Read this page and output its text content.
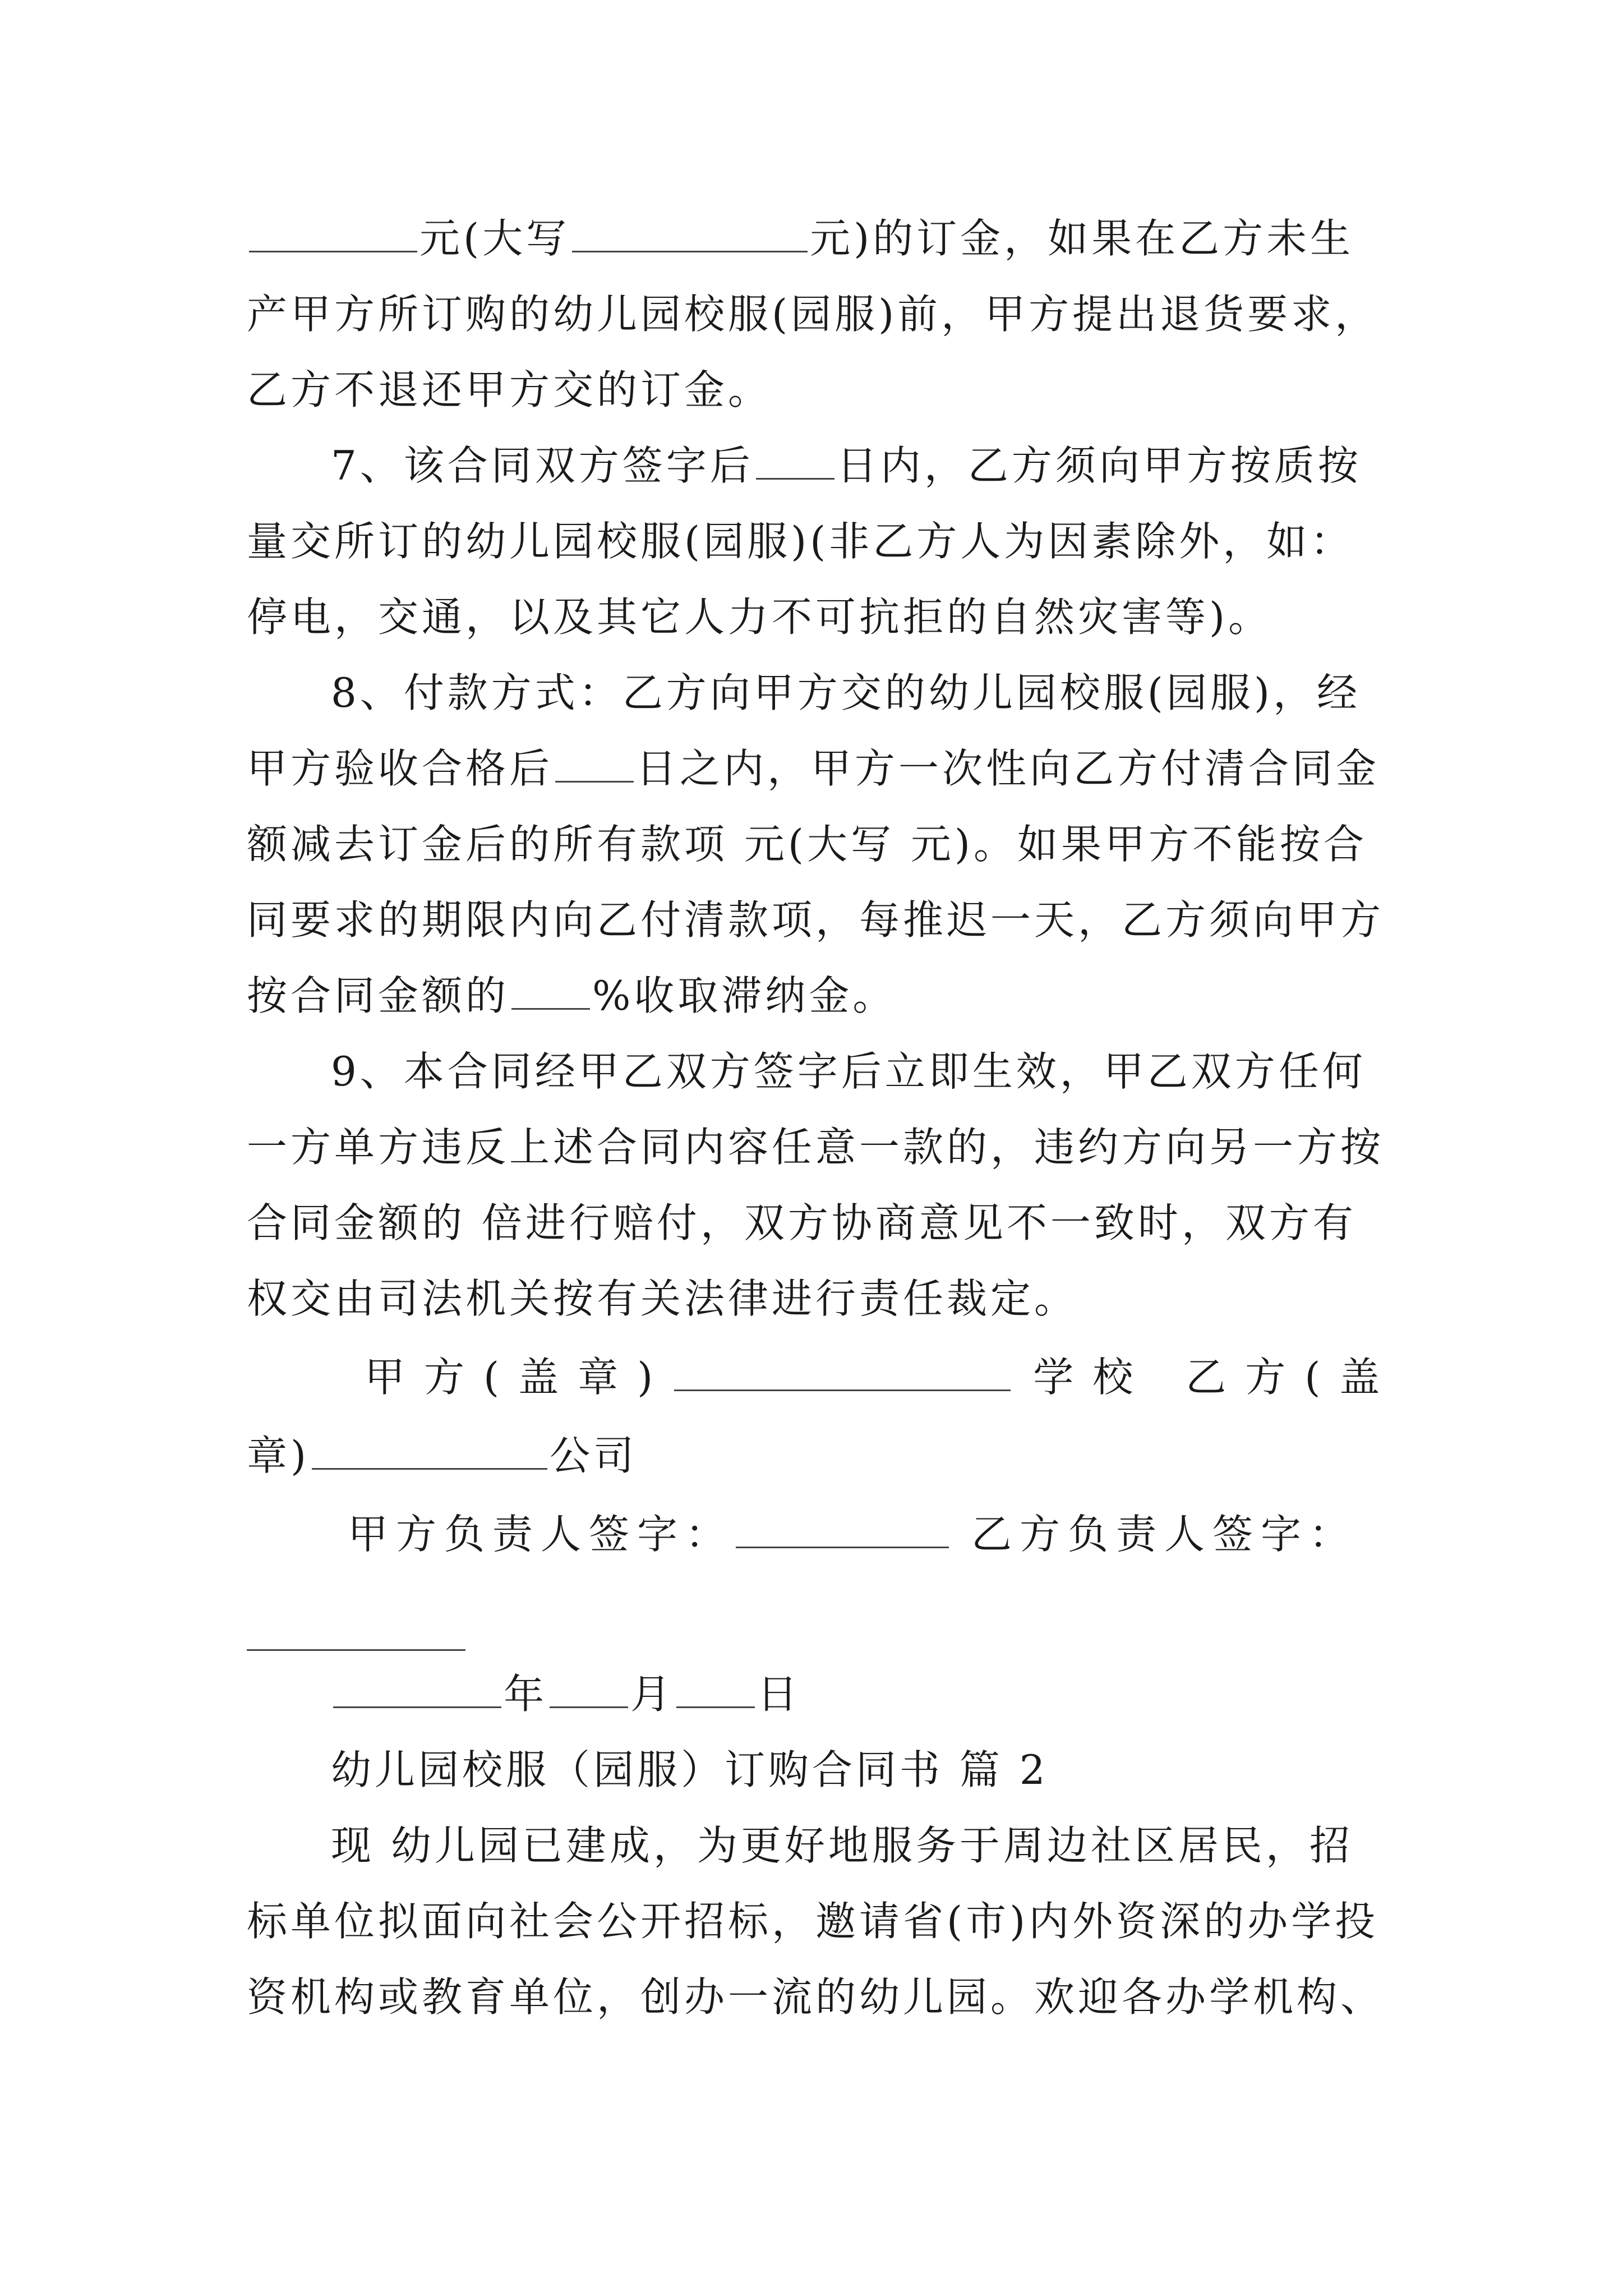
元(大写	元)的订金，如果在乙方未生
产甲方所订购的幼儿园校服(园服)前，甲方提出退货要求，
乙方不退还甲方交的订金。
7、该合同双方签字后 日内，乙方须向甲方按质按
量交所订的幼儿园校服(园服)(非乙方人为因素除外，如：
停电，交通，以及其它人力不可抗拒的自然灾害等)。
8、付款方式：乙方向甲方交的幼儿园校服(园服)，经
甲方验收合格后 日之内，甲方一次性向乙方付清合同金
额减去订金后的所有款项 元(大写 元)。如果甲方不能按合
同要求的期限内向乙付清款项，每推迟一天，乙方须向甲方
按合同金额的 %收取滞纳金。
9、本合同经甲乙双方签字后立即生效，甲乙双方任何
一方单方违反上述合同内容任意一款的，违约方向另一方按
合同金额的 倍进行赔付，双方协商意见不一致时，双方有
权交由司法机关按有关法律进行责任裁定。
甲方(盖章)	学校 乙方(盖
章)	公司
甲方负责人签字：	乙方负责人签字：
年 月 日
幼儿园校服（园服）订购合同书 篇 2
现 幼儿园已建成，为更好地服务于周边社区居民，招
标单位拟面向社会公开招标，邀请省(市)内外资深的办学投
资机构或教育单位，创办一流的幼儿园。欢迎各办学机构、
